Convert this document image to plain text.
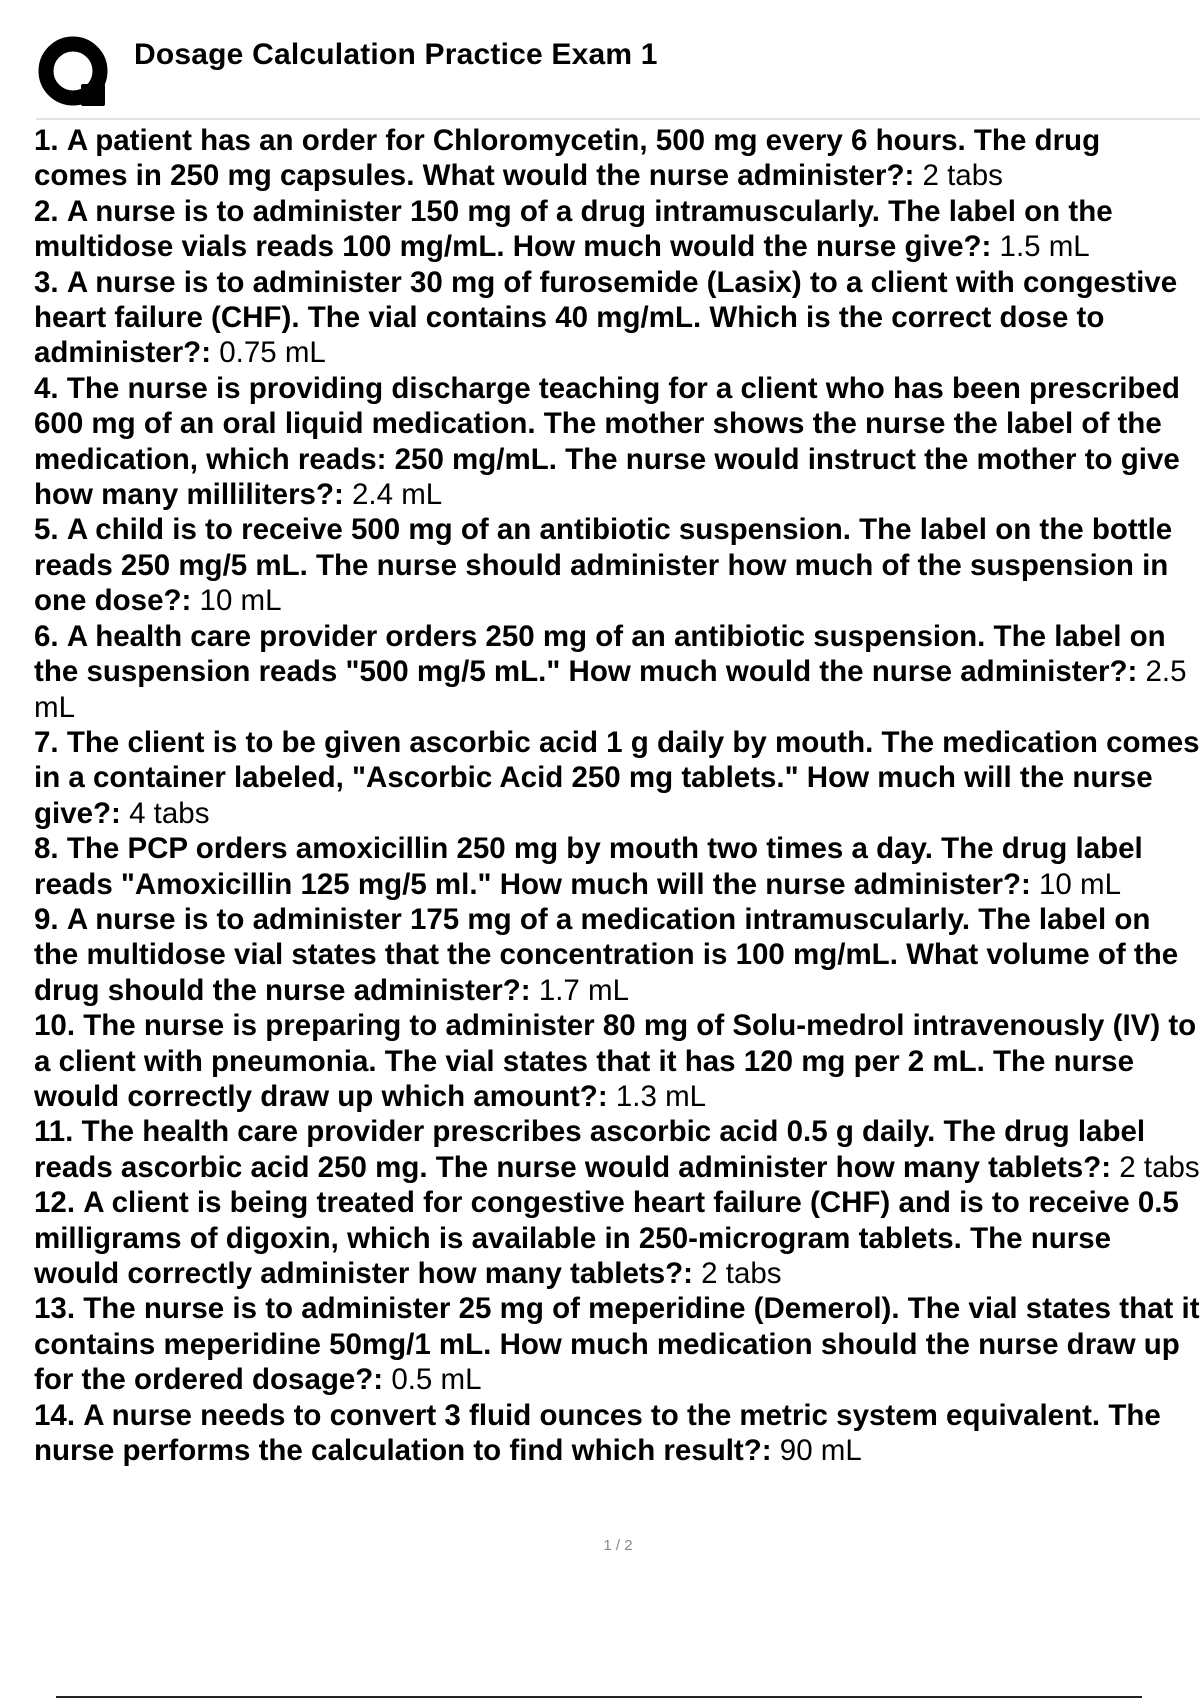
Dosage Calculation Practice Exam 1
1. A patient has an order for Chloromycetin, 500 mg every 6 hours. The drug comes in 250 mg capsules. What would the nurse administer?: 2 tabs
2. A nurse is to administer 150 mg of a drug intramuscularly. The label on the multidose vials reads 100 mg/mL. How much would the nurse give?: 1.5 mL
3. A nurse is to administer 30 mg of furosemide (Lasix) to a client with congestive heart failure (CHF). The vial contains 40 mg/mL. Which is the correct dose to administer?: 0.75 mL
4. The nurse is providing discharge teaching for a client who has been prescribed 600 mg of an oral liquid medication. The mother shows the nurse the label of the medication, which reads: 250 mg/mL. The nurse would instruct the mother to give how many milliliters?: 2.4 mL
5. A child is to receive 500 mg of an antibiotic suspension. The label on the bottle reads 250 mg/5 mL. The nurse should administer how much of the suspension in one dose?: 10 mL
6. A health care provider orders 250 mg of an antibiotic suspension. The label on the suspension reads "500 mg/5 mL." How much would the nurse administer?: 2.5 mL
7. The client is to be given ascorbic acid 1 g daily by mouth. The medication comes in a container labeled, "Ascorbic Acid 250 mg tablets." How much will the nurse give?: 4 tabs
8. The PCP orders amoxicillin 250 mg by mouth two times a day. The drug label reads "Amoxicillin 125 mg/5 ml." How much will the nurse administer?: 10 mL
9. A nurse is to administer 175 mg of a medication intramuscularly. The label on the multidose vial states that the concentration is 100 mg/mL. What volume of the drug should the nurse administer?: 1.7 mL
10. The nurse is preparing to administer 80 mg of Solu-medrol intravenously (IV) to a client with pneumonia. The vial states that it has 120 mg per 2 mL. The nurse would correctly draw up which amount?: 1.3 mL
11. The health care provider prescribes ascorbic acid 0.5 g daily. The drug label reads ascorbic acid 250 mg. The nurse would administer how many tablets?: 2 tabs
12. A client is being treated for congestive heart failure (CHF) and is to receive 0.5 milligrams of digoxin, which is available in 250-microgram tablets. The nurse would correctly administer how many tablets?: 2 tabs
13. The nurse is to administer 25 mg of meperidine (Demerol). The vial states that it contains meperidine 50mg/1 mL. How much medication should the nurse draw up for the ordered dosage?: 0.5 mL
14. A nurse needs to convert 3 fluid ounces to the metric system equivalent. The nurse performs the calculation to find which result?: 90 mL
1 / 2
